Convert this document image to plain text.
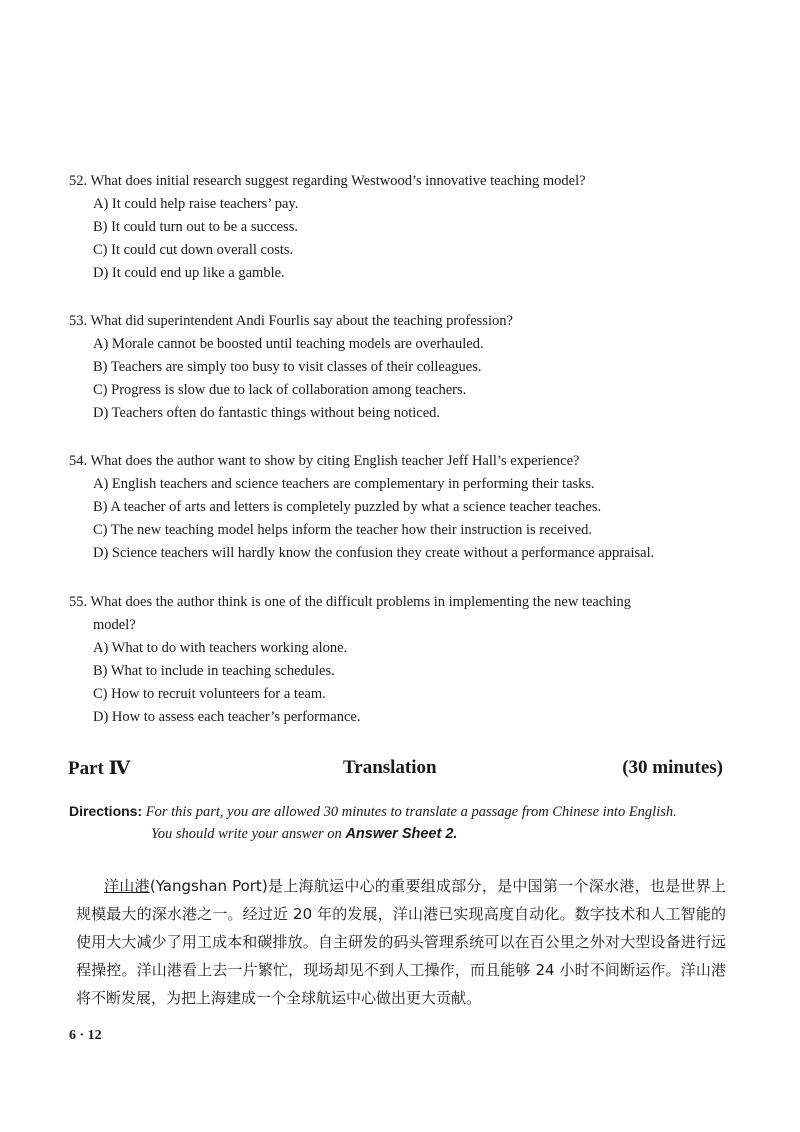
52. What does initial research suggest regarding Westwood’s innovative teaching model?
A) It could help raise teachers’ pay.
B) It could turn out to be a success.
C) It could cut down overall costs.
D) It could end up like a gamble.
53. What did superintendent Andi Fourlis say about the teaching profession?
A) Morale cannot be boosted until teaching models are overhauled.
B) Teachers are simply too busy to visit classes of their colleagues.
C) Progress is slow due to lack of collaboration among teachers.
D) Teachers often do fantastic things without being noticed.
54. What does the author want to show by citing English teacher Jeff Hall’s experience?
A) English teachers and science teachers are complementary in performing their tasks.
B) A teacher of arts and letters is completely puzzled by what a science teacher teaches.
C) The new teaching model helps inform the teacher how their instruction is received.
D) Science teachers will hardly know the confusion they create without a performance appraisal.
55. What does the author think is one of the difficult problems in implementing the new teaching
model?
A) What to do with teachers working alone.
B) What to include in teaching schedules.
C) How to recruit volunteers for a team.
D) How to assess each teacher’s performance.
Part Ⅳ	Translation	(30 minutes)
Directions: For this part, you are allowed 30 minutes to translate a passage from Chinese into English.
You should write your answer on Answer Sheet 2.
洋山港(Yangshan Port)是上海航运中心的重要组成部分，是中国第一个深水港，也是世界上规模最大的深水港之一。经过近 20 年的发展，洋山港已实现高度自动化。数字技术和人工智能的使用大大减少了用工成本和碳排放。自主研发的码头管理系统可以在百公里之外对大型设备进行远程操控。洋山港看上去一片繁忙，现场却见不到人工操作，而且能够 24 小时不间断运作。洋山港将不断发展，为把上海建成一个全球航运中心做出更大贡献。
6 · 12
